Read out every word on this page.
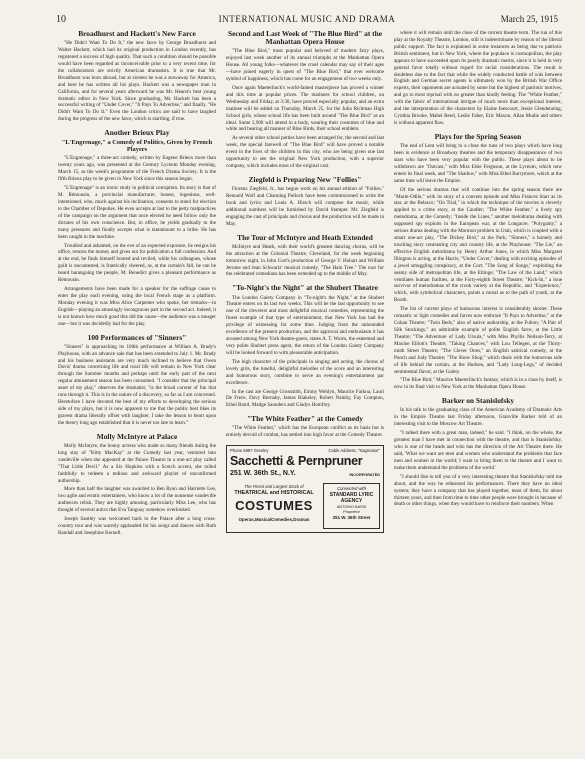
10	INTERNATIONAL MUSIC AND DRAMA	March 25, 1915
Broadhurst and Hackett's New Farce

"He Didn't Want To Do It," the new farce by George Broadhurst and Walter Hackett, which had its original production in London recently, has registered a success of high quality. That such a condition should be possible would have been regarded as inconceivable prior to a very recent time, for the collaborators are strictly American dramatists. It is true that Mr. Broadhurst was born abroad, but at sixteen he was a stowaway for America, and here he has written all his plays. Hackett was a newspaper man in California, and for several years afterward he was Mr. Hearst's best young dramatic editor in New York. Since graduating, Mr. Hackett has been a successful writing of "Under Cover," "It Pays To Advertise," and finally, "He Didn't Want To Do It." Even the London critics are said to have laughed during the progress of the new farce, which is startling, if true.

Another Brieux Play
"L'Engrenage," a Comedy of Politics, Given by French Players

"L'Engrenage," a three-act comedy, written by Eugene Brieux more than twenty years ago, was presented at the Century Lyceum Monday evening, March 15, as the week's programme of the French Drama Society. It is the fifth Brieux play to be given in New York since this season began.

"L'Engrenage" is an ironic study in political corruption. Its story is that of M. Rémousin, a provincial manufacturer, honest, ingenious, well-intentioned, who, much against his inclination, consents to stand for election to the Chamber of Deputies. He even accepts at last to the petty malpractices of the campaign on the argument that once elected he need follow only the dictates of his own conscience. But, in office, he yields gradually to the many pressures and finally accepts what is tantamount to a bribe. He has been caught in the machine.

Troubled and ashamed, on the eve of an expected exposure, he resigns his office, returns the money and gives out for publication a full confession. And at the end, he finds himself hooted and reviled, while his colleagues, whose guilt is uncontested, is frantically cheered, as, at the curtain's fall, he can be heard haranguing the people, M. Benedict gives a pleasant performance as Rémousin.

Arrangements have been made for a speaker for the suffrage cause to enter the play each evening, using the local French stage as a platform. Monday evening it was Miss Alice Carpenter who spoke, her remarks—in English—playing an amusingly incongruous part in the second act. Indeed, it is not known how much good this did the cause—the audience was a meager one—but it was decidedly bad for the play.

100 Performances of "Sinners"

"Sinners" is approaching its 100th performance at William A. Brady's Playhouse, with an advance sale that has been extended to July 1. Mr. Brady and his business assistants are very much inclined to believe that Owen Davis' drama concerning life and rural life will remain in New York clear through the Summer months and perhaps until the early part of the next regular amusement season has been consumed. "I consider that the principal asset of my play," observes the dramatist, "is the broad current of fun that runs through it. This is in the nature of a discovery, so far as I am concerned. Heretofore I have devoted the best of my efforts to developing the serious side of my plays, but it is now apparent to me that the public best likes its gravest drama liberally offset with laughter. I take the lesson to heart upon the theory long ago established that it is never too late to learn."

Molly McIntyre at Palace

Molly McIntyre, the bonny actress who made so many friends during the long stay of "Kitty MacKay" at the Comedy last year, ventured into vaudeville when she appeared at the Palace Theatre in a one-act play called "That Little Devil." As a Six Hopkins with a Scotch accent, she toiled faithfully to redeem a tedious and awkward playlet of unconfirmed authorship.

More than half the laughter was awarded to Ben Ryan and Harriette Lee, two agile and erratic entertainers, who know a lot of the nonsense vaudeville audiences relish. They are highly amusing, particularly Miss Lee, who has thought of several antics that Eva Tanguay somehow overlooked.

Joseph Santley was welcomed back to the Palace after a long cross-country tour and was warmly applauded for his songs and dances with Ruth Randall and Josephine Kernell.

Second and Last Week of "The Blue Bird" at the Manhattan Opera House

"The Blue Bird," most popular and beloved of modern fairy plays, enjoyed last week another of its annual triumphs at the Manhattan Opera House. All young folks—whatever the cruel calendar may say of their ages—have joined eagerly in quest of "The Blue Bird," that ever welcome symbol of happiness, which has come for an engagement of two weeks only.

Once again Maeterlinck's world-famed masterpiece has proved a winner and this time at popular prices. The matinees for school children, on Wednesday and Friday, at 3:30, have proved especially popular, and an extra matinee will be added on Thursday, March 25, for the Julia Richman High School girls, whose school life has been built around "The Blue Bird" as an ideal. Some 2,900 will attend in a body, wearing their costumes of blue and white and bearing all manner of Blue Birds, their school emblem.

As several other school parties have been arranged for, the second and last week, the special farewell of "The Blue Bird" will have proved a notable event in the lives of the children in this city, who are being given one last opportunity to see the original New York production, with a superior company, which includes most of the original cast.

Ziegfeld is Preparing New "Follies"

Florenz Ziegfeld, Jr., has begun work on his annual edition of "Follies." Rennold Wolf and Channing Pollock have been commissioned to write the book and lyrics and Louis A. Hirsch will compose the music, while additional numbers will be furnished by David Stamper. Mr. Ziegfeld is engaging the cast of principals and chorus and the production will be made in May.

The Tour of McIntyre and Heath Extended

McIntyre and Heath, with their world's greatest dancing chorus, will be the attraction at the Colonial Theatre, Cleveland, for the week beginning tomorrow night, in John Cort's production of George V. Hobart and William Jerome and Jean Schwartz' musical comedy, "The Ham Tree." The tour for the celebrated comedians has been extended up to the middle of May.

"To-Night's the Night" at the Shubert Theatre

The London Gaiety Company in "To-night's the Night," at the Shubert Theatre enters on its last two weeks. This will be the last opportunity to see one of the cleverest and most delightful musical comedies, representing the finest example of that type of entertainment, that New York has had the privilege of witnessing for some time. Judging from the unbounded excellence of the present production, and the approval and enthusiasm it has aroused among New York theatre-goers, states A. T. Worm, the esteemed and very polite Shubert press agent, the return of the London Gaiety Company will be looked forward to with pleasurable anticipation.

The high character of the principals in singing and acting, the chorus of lovely girls, the tuneful, delightful melodies of the score and an interesting and humorous story, combine to serve an evening's entertainment par excellence.

In the cast are George Grossmith, Emmy Wehlyn, Maurice Farkoa, Lauri De Frece, Davy Burnaby, James Blakeley, Robert Nainby, Fay Compton, Ethel Baird, Madge Saunders and Gladys Homfrey.

"The White Feather" at the Comedy

"The White Feather," which has the European conflict as its basis but is entirely devoid of combat, has settled into high favor at the Comedy Theatre.

Phone 5997 Greeley	Cable Address, "Sagmasor"
Sacchetti & Pernpruner
251 W. 36th St., N.Y.	INCORPORATED
The Finest and Largest Stock of
THEATRICAL and HISTORICAL
COSTUMES
Operas,MusicalComedies,Dramas
Connected with
STANDARD LYRIC AGENCY
ANTONIO BASSI
Proprietor
251 W. 36th Street

where it will remain until the close of the current theatre term. The run of this play at the Royalty Theatre, London, still is indeterminate by reason of the liberal public support. The fact is explained in some instances as being due to patriotic British sentiment, but in New York, where the populace is cosmopolitan, the play appears to have succeeded upon its purely dramatic merits, since it is held in very general favor totally without regard for racial considerations. The result is doubtless due to the fact that while the widely conducted battle of wits between English and German secret agents is ultimately won by the British War Office experts, their opponents are actuated by some but the highest of patriotic motives, and go to most reprisal with no greater than kindly feeling. The "White Feather," with the fabric of international intrigue of much more than exceptional interest, and the interpretation of the characters by Elaine Inescourt, Jessie Glendenning, Cynthia Brooke, Mabel Reed, Leslie Faber, Eric Maxon, Allan Mudie and others is without apparent flaw.

Plays for the Spring Season

The end of Lent will bring to a close the runs of two plays which have long been in evidence at Broadway theatres and the temporary disappearance of two stars who have been very popular with the public. These plays about to be withdrawn are "Outcast," with Miss Elsie Ferguson, at the Lyceum, which now enters its final week, and "The Shadow," with Miss Ethel Barrymore, which at the same time will leave the Empire.

Of the serious dramas that will continue into the spring season there are "Marie-Odile," with its story of a convent episode and Miss Frances Starr as its star, at the Belasco; "On Trial," in which the technique of the movies is cleverly applied to a crime story, at the Candler; "The White Feather," a lively spy melodrama, at the Comedy; "Inside the Lines," another melodrama dealing with supposed spy exploits in the European war, at the Longacre; "Polygamy," a serious drama dealing with the Mormon problem in Utah, which is coupled with a smart one-act play, "The Dickey Bird," at the Park; "Sinners," a homely and touching story contrasting city and country life, at the Playhouse; "The Lie," an effective English melodrama by Henry Arthur Jones, in which Miss Margaret Illington is acting, at the Harris; "Under Cover," dealing with exciting episodes of a jewel smuggling conspiracy, at the Cort; "The Song of Songs," exploiting the seamy side of metropolitan life, at the Eltinge; "The Law of the Land," which ventilates human frailties, at the Forty-eighth Street Theatre; "Kick-In," a lone survivor of melodramas of the crook variety at the Republic, and "Experience," which, with symbolical characters, points a moral as to the path of youth, at the Booth.

The list of current plays of humorous interest is considerably shorter. These romantic or light comedies and farces now embrace "It Pays to Advertise," at the Cohan Theatre; "Twin Beds," also of native authorship, at the Fulton; "A Pair of Silk Stockings," an admirable example of polite English farce, at the Little Theatre; "The Adventure of Lady Ursula," with Miss Phyllis Neilson-Terry, at Maxine Elliott's Theatre; "Taking Chances," with Lou Tellegen, at the Thirty-ninth Street Theatre; "The Clever Ones," an English satirical comedy, at the Punch and Judy Theatre; "The Show Shop," which deals with the humorous side of life behind the curtain, at the Hudson, and "Lady Long-Legs," of decided sentimental flavor, at the Gaiety.

"The Blue Bird," Maurice Maeterlinck's fantasy, which is in a class by itself, is now in its final visit to New York at the Manhattan Opera House.

Barker on Stanislofsky

In his talk to the graduating class of the American Academy of Dramatic Arts in the Empire Theatre last Friday afternoon, Granville Barker told of an interesting visit to the Moscow Art Theatre.

"I talked there with a great man, indeed," he said. "I think, on the whole, the greatest man I have met in connection with the theatre, and that is Stanislofsky, who is one of the heads and who has the direction of the Art Theatre there. He said, 'What we want are men and women who understand the problems that face men and women in the world; I want to bring them to the theatre and I want to make them understand the problems of the world.'

"I should like to tell you of a very interesting theatre that Stanislofsky told me about, and the way he rehearsed his performances. There they have no ideal system; they have a company that has played together, most of them, for about thirteen years, and then from time to time other people were brought in because of death or other things, when they would have to reinforce their numbers. When
